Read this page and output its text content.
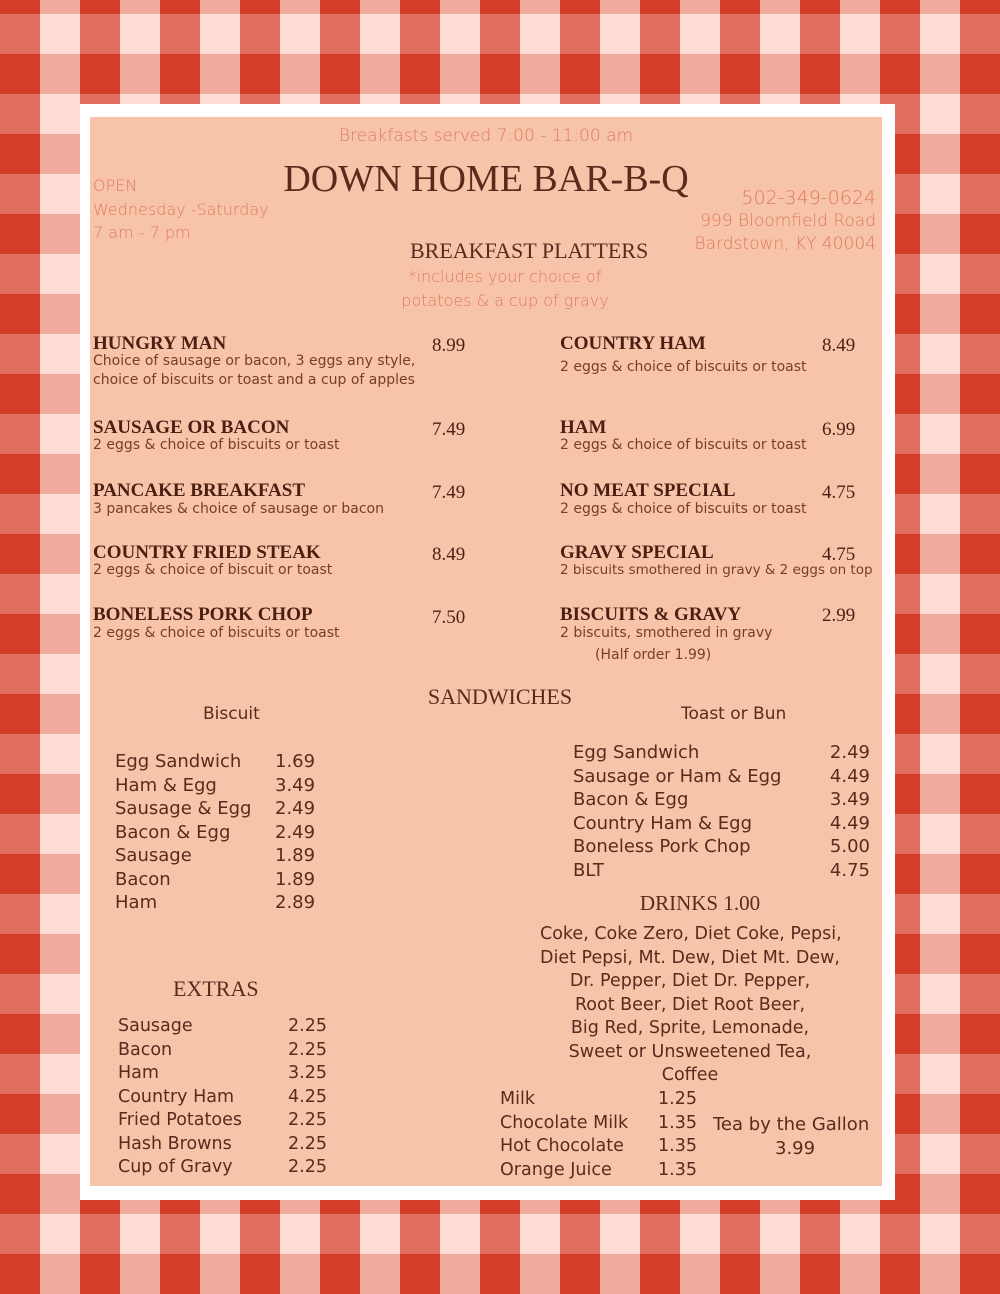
Breakfasts served 7:00 - 11:00 am
DOWN HOME BAR-B-Q
OPEN
Wednesday -Saturday
7 am - 7 pm
502-349-0624
999 Bloomfield Road
Bardstown, KY 40004
BREAKFAST PLATTERS
*includes your choice of
potatoes & a cup of gravy
HUNGRY MAN	8.99
Choice of sausage or bacon, 3 eggs any style,
choice of biscuits or toast and a cup of apples
SAUSAGE OR BACON	7.49
2 eggs & choice of biscuits or toast
PANCAKE BREAKFAST	7.49
3 pancakes & choice of sausage or bacon
COUNTRY FRIED STEAK	8.49
2 eggs & choice of biscuit or toast
BONELESS PORK CHOP	7.50
2 eggs & choice of biscuits or toast
COUNTRY HAM	8.49
2 eggs & choice of biscuits or toast
HAM	6.99
2 eggs & choice of biscuits or toast
NO MEAT SPECIAL	4.75
2 eggs & choice of biscuits or toast
GRAVY SPECIAL	4.75
2 biscuits smothered in gravy & 2 eggs on top
BISCUITS & GRAVY	2.99
2 biscuits, smothered in gravy
(Half order 1.99)
SANDWICHES
Biscuit	Toast or Bun
Egg Sandwich 1.69
Ham & Egg	3.49
Sausage & Egg 2.49
Bacon & Egg 2.49
Sausage	1.89
Bacon	1.89
Ham	2.89
Egg Sandwich	2.49
Sausage or Ham & Egg	4.49
Bacon & Egg	3.49
Country Ham & Egg	4.49
Boneless Pork Chop	5.00
BLT	4.75
DRINKS 1.00
Coke, Coke Zero, Diet Coke, Pepsi,
Diet Pepsi, Mt. Dew, Diet Mt. Dew,
Dr. Pepper, Diet Dr. Pepper,
Root Beer, Diet Root Beer,
Big Red, Sprite, Lemonade,
Sweet or Unsweetened Tea,
Coffee
Milk	1.25
Chocolate Milk 1.35
Hot Chocolate 1.35
Orange Juice	1.35
Tea by the Gallon
3.99
EXTRAS
Sausage	2.25
Bacon	2.25
Ham	3.25
Country Ham	4.25
Fried Potatoes	2.25
Hash Browns	2.25
Cup of Gravy	2.25
